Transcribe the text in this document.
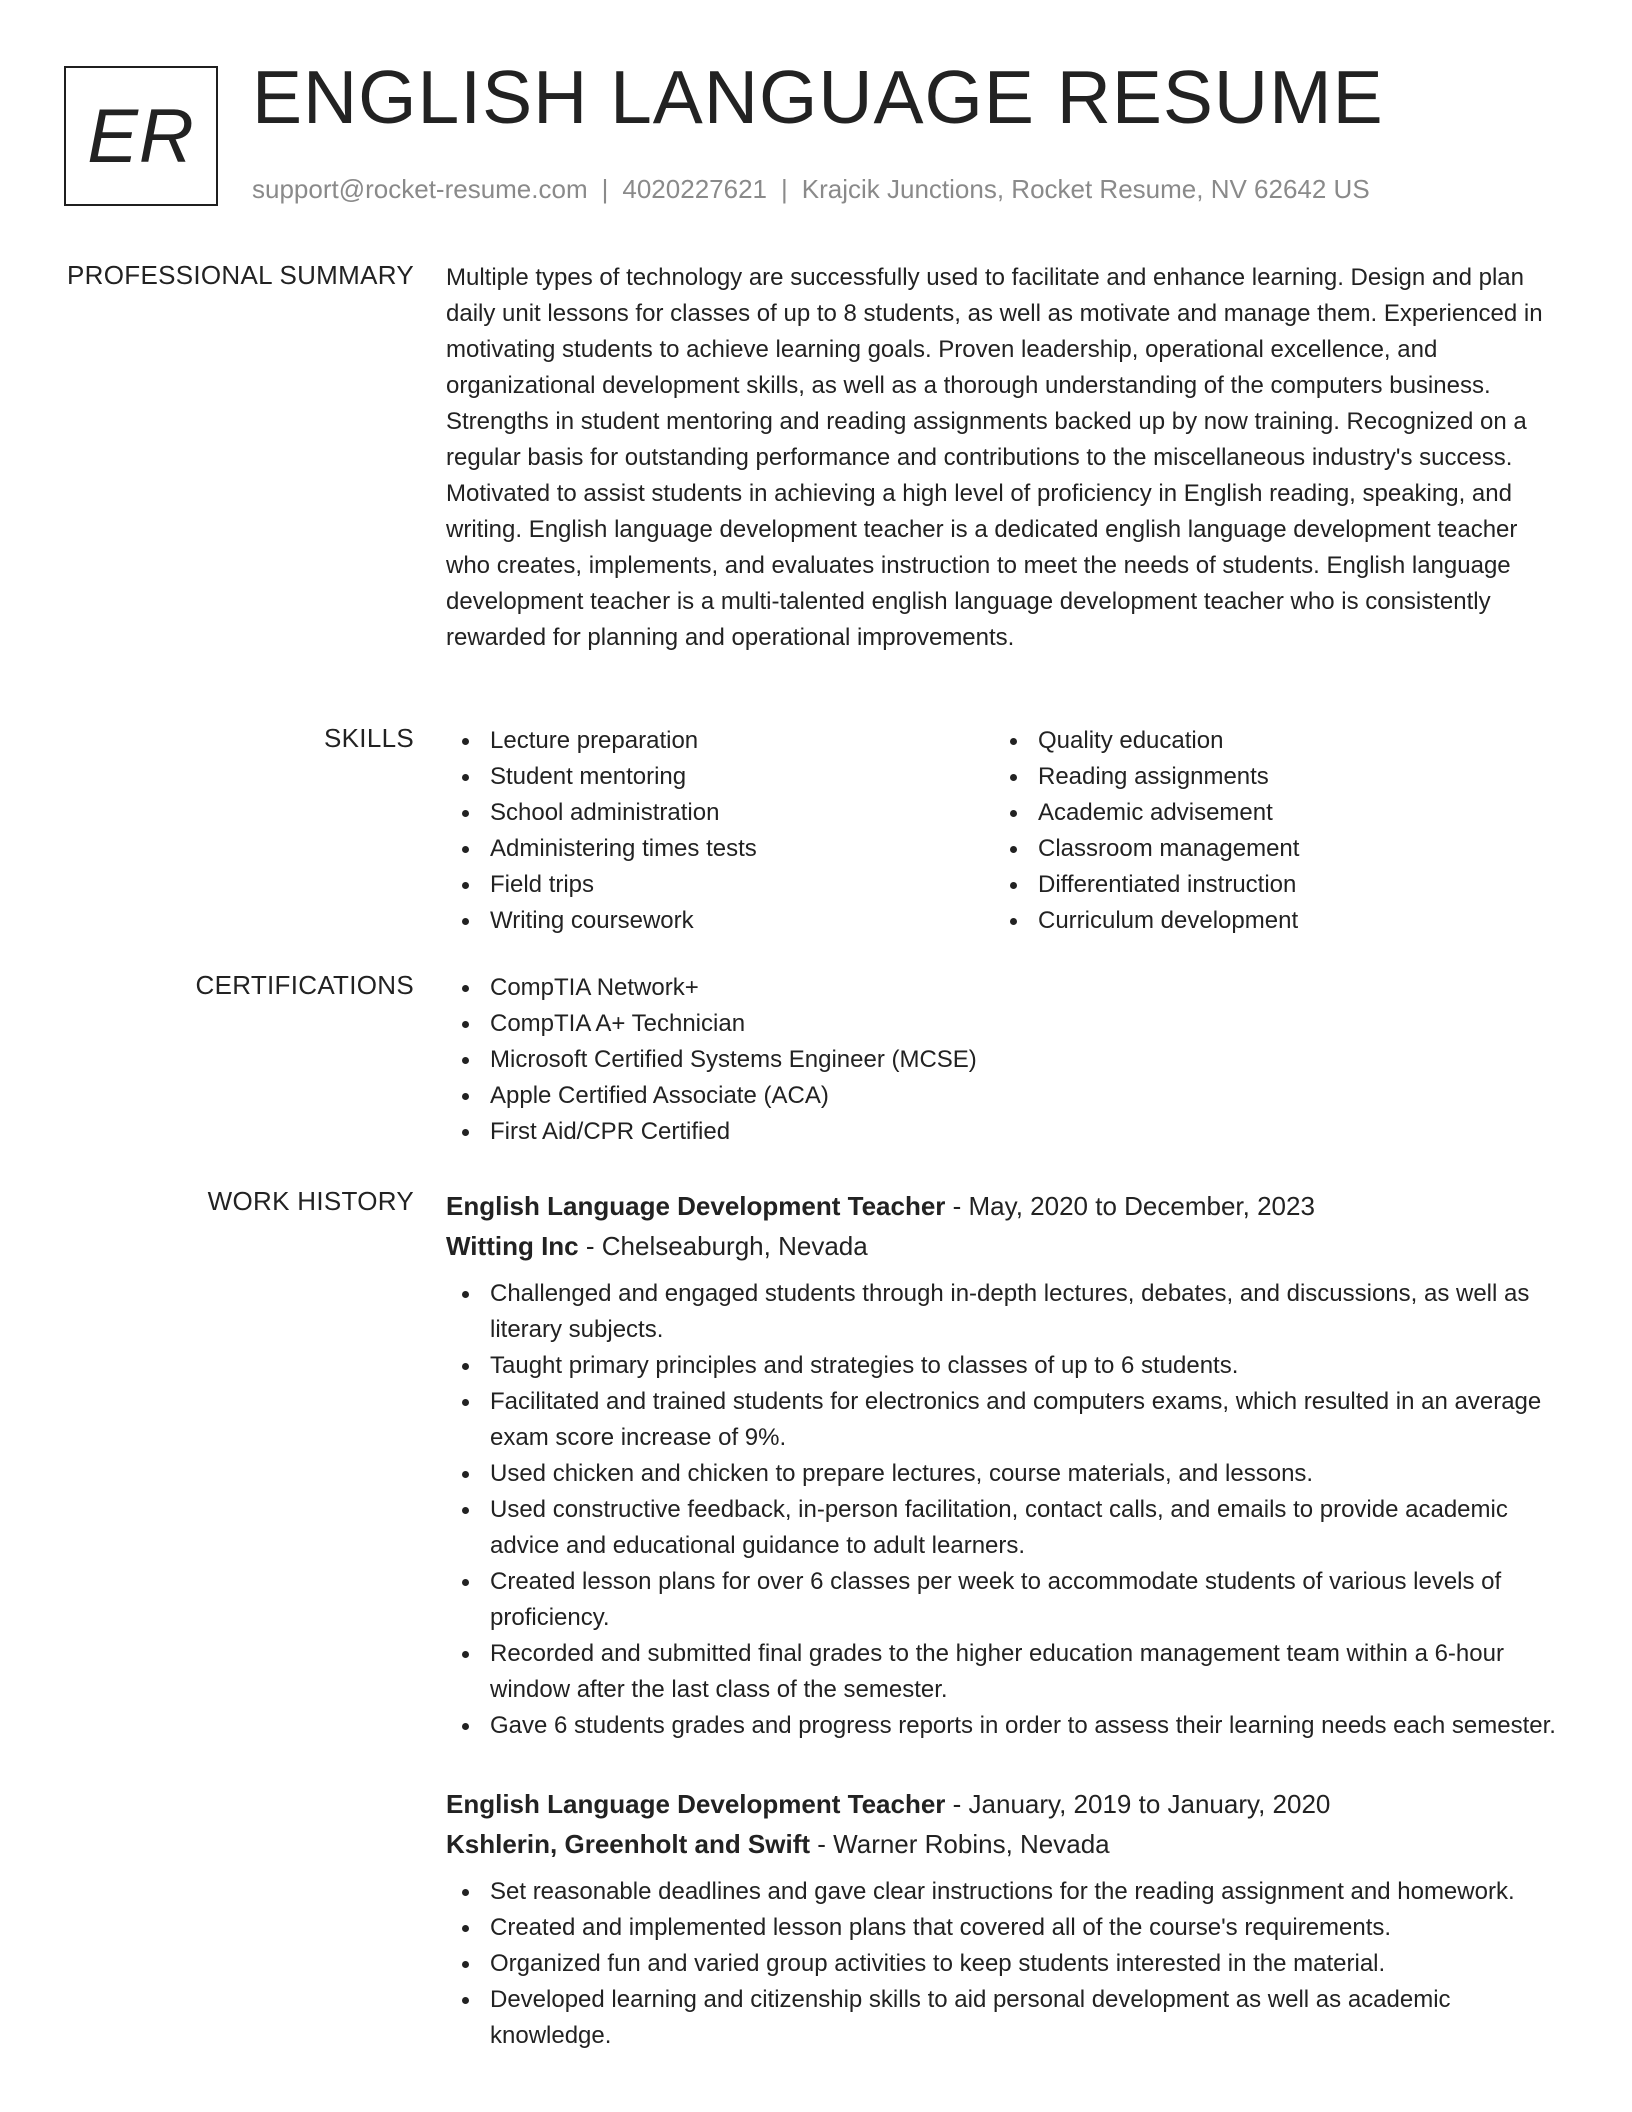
ER ENGLISH LANGUAGE RESUME
support@rocket-resume.com | 4020227621 | Krajcik Junctions, Rocket Resume, NV 62642 US
PROFESSIONAL SUMMARY Multiple types of technology are successfully used to facilitate and enhance learning. Design and plan daily unit lessons for classes of up to 8 students, as well as motivate and manage them. Experienced in motivating students to achieve learning goals. Proven leadership, operational excellence, and organizational development skills, as well as a thorough understanding of the computers business. Strengths in student mentoring and reading assignments backed up by now training. Recognized on a regular basis for outstanding performance and contributions to the miscellaneous industry's success. Motivated to assist students in achieving a high level of proficiency in English reading, speaking, and writing. English language development teacher is a dedicated english language development teacher who creates, implements, and evaluates instruction to meet the needs of students. English language development teacher is a multi-talented english language development teacher who is consistently rewarded for planning and operational improvements.
SKILLS	Lecture preparation
Student mentoring
School administration
Administering times tests
Field trips
Writing coursework
Quality education
Reading assignments
Academic advisement
Classroom management
Differentiated instruction
Curriculum development
CERTIFICATIONS	CompTIA Network+
CompTIA A+ Technician
Microsoft Certified Systems Engineer (MCSE)
Apple Certified Associate (ACA)
First Aid/CPR Certified
WORK HISTORY English Language Development Teacher - May, 2020 to December, 2023
Witting Inc - Chelseaburgh, Nevada
Challenged and engaged students through in-depth lectures, debates, and discussions, as well as literary subjects.
Taught primary principles and strategies to classes of up to 6 students.
Facilitated and trained students for electronics and computers exams, which resulted in an average exam score increase of 9%.
Used chicken and chicken to prepare lectures, course materials, and lessons.
Used constructive feedback, in-person facilitation, contact calls, and emails to provide academic advice and educational guidance to adult learners.
Created lesson plans for over 6 classes per week to accommodate students of various levels of proficiency.
Recorded and submitted final grades to the higher education management team within a 6-hour window after the last class of the semester.
Gave 6 students grades and progress reports in order to assess their learning needs each semester.
English Language Development Teacher - January, 2019 to January, 2020
Kshlerin, Greenholt and Swift - Warner Robins, Nevada
Set reasonable deadlines and gave clear instructions for the reading assignment and homework.
Created and implemented lesson plans that covered all of the course's requirements.
Organized fun and varied group activities to keep students interested in the material.
Developed learning and citizenship skills to aid personal development as well as academic knowledge.
